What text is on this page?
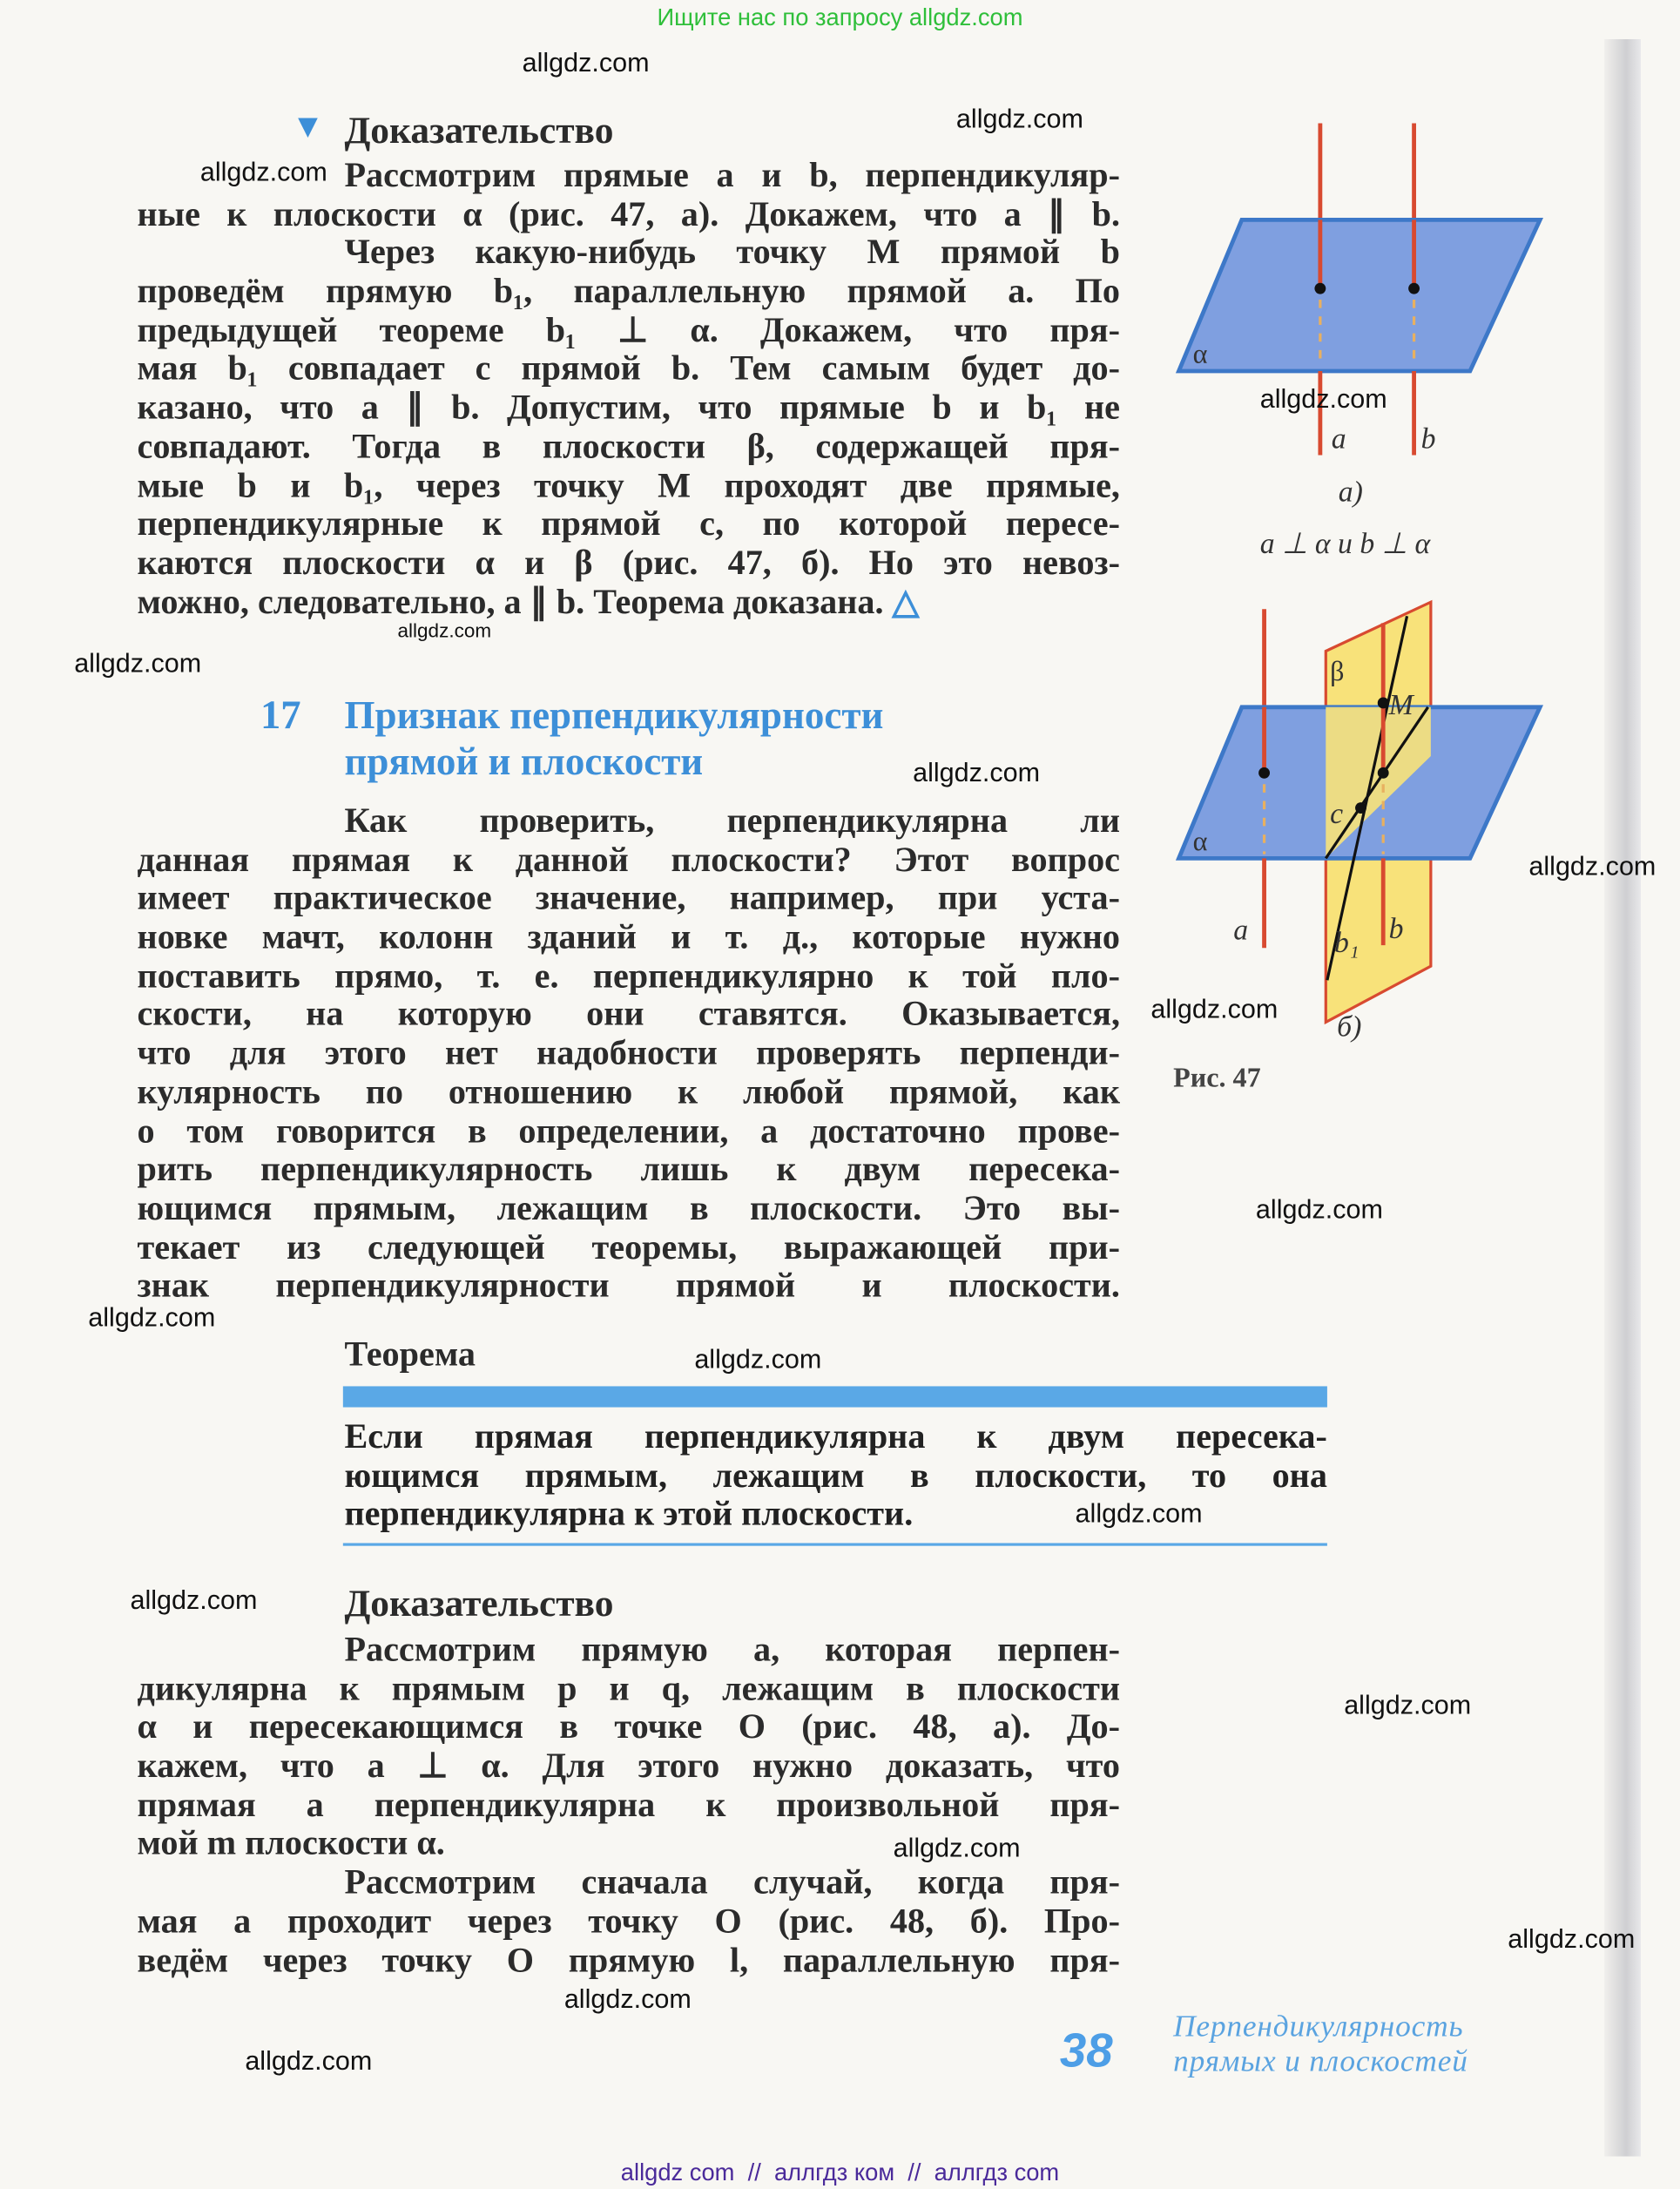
Ищите нас по запросу allgdz.com
▼ Доказательство
Рассмотрим прямые a и b, перпендикуляр-
ные к плоскости α (рис. 47, а). Докажем, что a ∥ b.
Через какую-нибудь точку M прямой b
проведём прямую b₁, параллельную прямой a. По
предыдущей теореме b₁ ⊥ α. Докажем, что пря-
мая b₁ совпадает с прямой b. Тем самым будет до-
казано, что a ∥ b. Допустим, что прямые b и b₁ не
совпадают. Тогда в плоскости β, содержащей пря-
мые b и b₁, через точку M проходят две прямые,
перпендикулярные к прямой c, по которой пересе-
каются плоскости α и β (рис. 47, б). Но это невоз-
можно, следовательно, a ∥ b. Теорема доказана. △
17 Признак перпендикулярности
прямой и плоскости
Как проверить, перпендикулярна ли
данная прямая к данной плоскости? Этот вопрос
имеет практическое значение, например, при уста-
новке мачт, колонн зданий и т. д., которые нужно
поставить прямо, т. е. перпендикулярно к той пло-
скости, на которую они ставятся. Оказывается,
что для этого нет надобности проверять перпенди-
кулярность по отношению к любой прямой, как
о том говорится в определении, а достаточно прове-
рить перпендикулярность лишь к двум пересека-
ющимся прямым, лежащим в плоскости. Это вы-
текает из следующей теоремы, выражающей при-
знак перпендикулярности прямой и плоскости.
Теорема
Если прямая перпендикулярна к двум пересека-
ющимся прямым, лежащим в плоскости, то она
перпендикулярна к этой плоскости.
Доказательство
Рассмотрим прямую a, которая перпен-
дикулярна к прямым p и q, лежащим в плоскости
α и пересекающимся в точке O (рис. 48, а). До-
кажем, что a ⊥ α. Для этого нужно доказать, что
прямая a перпендикулярна к произвольной пря-
мой m плоскости α.
Рассмотрим сначала случай, когда пря-
мая a проходит через точку O (рис. 48, б). Про-
ведём через точку O прямую l, параллельную пря-
α
a	b
а)
a ⊥ α и b ⊥ α
β
M
c
α
a	b
b₁
б)
Рис. 47
38	Перпендикулярность
прямых и плоскостей
allgdz.com
allgdz.com
allgdz.com
allgdz.com
allgdz.com
allgdz.com
allgdz.com
allgdz.com
allgdz.com
allgdz.com
allgdz.com
allgdz.com
allgdz.com
allgdz.com
allgdz.com
allgdz.com
allgdz.com
allgdz.com
allgdz.com
allgdz com  //  аллгдз ком  //  аллгдз com
